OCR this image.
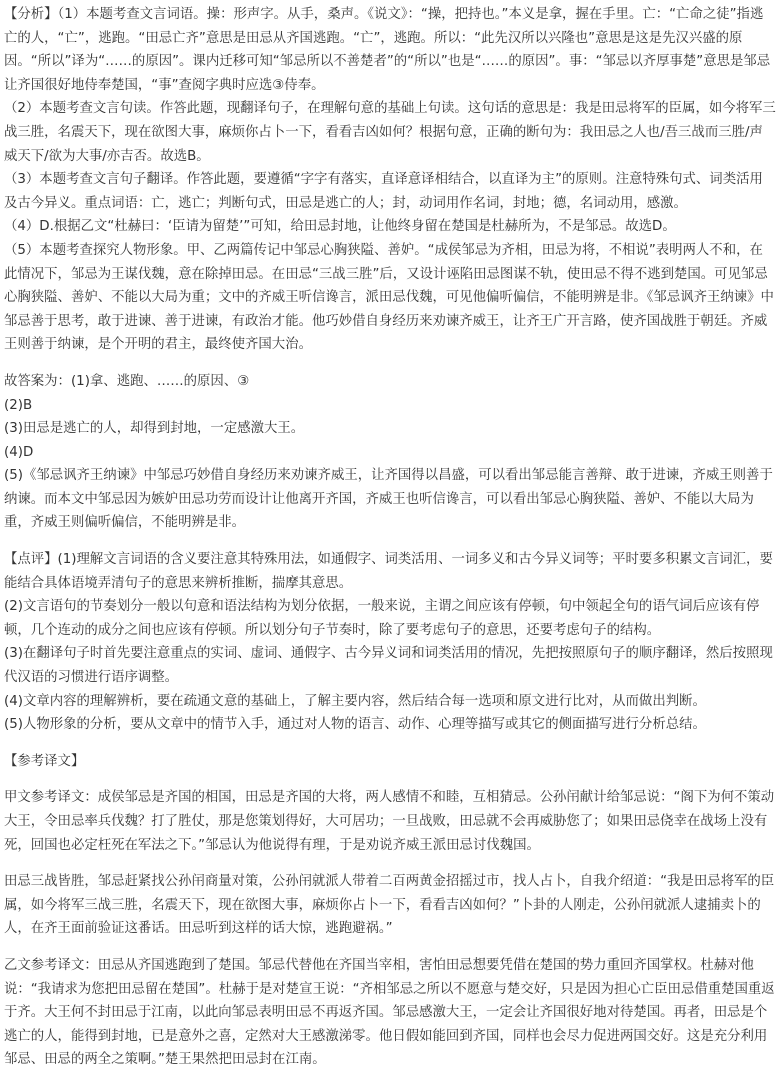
【分析】（1）本题考查文言词语。操：形声字。从手，桑声。《说文》：“操，把持也。”本义是拿，握在手里。亡：“亡命之徒”指逃亡的人，“亡”，逃跑。“田忌亡齐”意思是田忌从齐国逃跑。“亡”，逃跑。所以：“此先汉所以兴隆也”意思是这是先汉兴盛的原因。“所以”译为“……的原因”。课内迁移可知“邹忌所以不善楚者”的“所以”也是“……的原因”。事：“邹忌以齐厚事楚”意思是邹忌让齐国很好地侍奉楚国，“事”查阅字典时应选③侍奉。

（2）本题考查文言句读。作答此题，现翻译句子，在理解句意的基础上句读。这句话的意思是：我是田忌将军的臣属，如今将军三战三胜，名震天下，现在欲图大事，麻烦你占卜一下，看看吉凶如何？根据句意，正确的断句为：我田忌之人也/吾三战而三胜/声威天下/欲为大事/亦吉否。故选B。

（3）本题考查文言句子翻译。作答此题，要遵循“字字有落实，直译意译相结合，以直译为主”的原则。注意特殊句式、词类活用及古今异义。重点词语：亡，逃亡；判断句式，田忌是逃亡的人；封，动词用作名词，封地；德，名词动用，感激。

（4）D.根据乙文“杜赫曰：‘臣请为留楚’”可知，给田忌封地，让他终身留在楚国是杜赫所为，不是邹忌。故选D。

（5）本题考查探究人物形象。甲、乙两篇传记中邹忌心胸狭隘、善妒。“成侯邹忌为齐相，田忌为将，不相说”表明两人不和，在此情况下，邹忌为王谋伐魏，意在除掉田忌。在田忌“三战三胜”后，又设计诬陷田忌图谋不轨，使田忌不得不逃到楚国。可见邹忌心胸狭隘、善妒、不能以大局为重；文中的齐威王听信谗言，派田忌伐魏，可见他偏听偏信，不能明辨是非。《邹忌讽齐王纳谏》中邹忌善于思考，敢于进谏、善于进谏，有政治才能。他巧妙借自身经历来劝谏齐威王，让齐王广开言路，使齐国战胜于朝廷。齐威王则善于纳谏，是个开明的君主，最终使齐国大治。

故答案为：(1)拿、逃跑、……的原因、③

(2)B

(3)田忌是逃亡的人，却得到封地，一定感激大王。

(4)D

(5)《邹忌讽齐王纳谏》中邹忌巧妙借自身经历来劝谏齐威王，让齐国得以昌盛，可以看出邹忌能言善辩、敢于进谏，齐威王则善于纳谏。而本文中邹忌因为嫉妒田忌功劳而设计让他离开齐国，齐威王也听信谗言，可以看出邹忌心胸狭隘、善妒、不能以大局为重，齐威王则偏听偏信，不能明辨是非。

【点评】(1)理解文言词语的含义要注意其特殊用法，如通假字、词类活用、一词多义和古今异义词等；平时要多积累文言词汇，要能结合具体语境弄清句子的意思来辨析推断，揣摩其意思。

(2)文言语句的节奏划分一般以句意和语法结构为划分依据，一般来说，主谓之间应该有停顿，句中领起全句的语气词后应该有停顿，几个连动的成分之间也应该有停顿。所以划分句子节奏时，除了要考虑句子的意思，还要考虑句子的结构。

(3)在翻译句子时首先要注意重点的实词、虚词、通假字、古今异义词和词类活用的情况，先把按照原句子的顺序翻译，然后按照现代汉语的习惯进行语序调整。

(4)文章内容的理解辨析，要在疏通文意的基础上，了解主要内容，然后结合每一选项和原文进行比对，从而做出判断。

(5)人物形象的分析，要从文章中的情节入手，通过对人物的语言、动作、心理等描写或其它的侧面描写进行分析总结。

【参考译文】

甲文参考译文：成侯邹忌是齐国的相国，田忌是齐国的大将，两人感情不和睦，互相猜忌。公孙闬献计给邹忌说：“阁下为何不策动大王，令田忌率兵伐魏？打了胜仗，那是您策划得好，大可居功；一旦战败，田忌就不会再威胁您了；如果田忌侥幸在战场上没有死，回国也必定枉死在军法之下。”邹忌认为他说得有理，于是劝说齐威王派田忌讨伐魏国。

田忌三战皆胜，邹忌赶紧找公孙闬商量对策，公孙闬就派人带着二百两黄金招摇过市，找人占卜，自我介绍道：“我是田忌将军的臣属，如今将军三战三胜，名震天下，现在欲图大事，麻烦你占卜一下，看看吉凶如何？”卜卦的人刚走，公孙闬就派人逮捕卖卜的人，在齐王面前验证这番话。田忌听到这样的话大惊，逃跑避祸。”

乙文参考译文：田忌从齐国逃跑到了楚国。邹忌代替他在齐国当宰相，害怕田忌想要凭借在楚国的势力重回齐国掌权。杜赫对他说：“我请求为您把田忌留在楚国”。杜赫于是对楚宣王说：“齐相邹忌之所以不愿意与楚交好，只是因为担心亡臣田忌借重楚国重返于齐。大王何不封田忌于江南，以此向邹忌表明田忌不再返齐国。邹忌感激大王，一定会让齐国很好地对待楚国。再者，田忌是个逃亡的人，能得到封地，已是意外之喜，定然对大王感激涕零。他日假如能回到齐国，同样也会尽力促进两国交好。这是充分利用邹忌、田忌的两全之策啊。”楚王果然把田忌封在江南。
